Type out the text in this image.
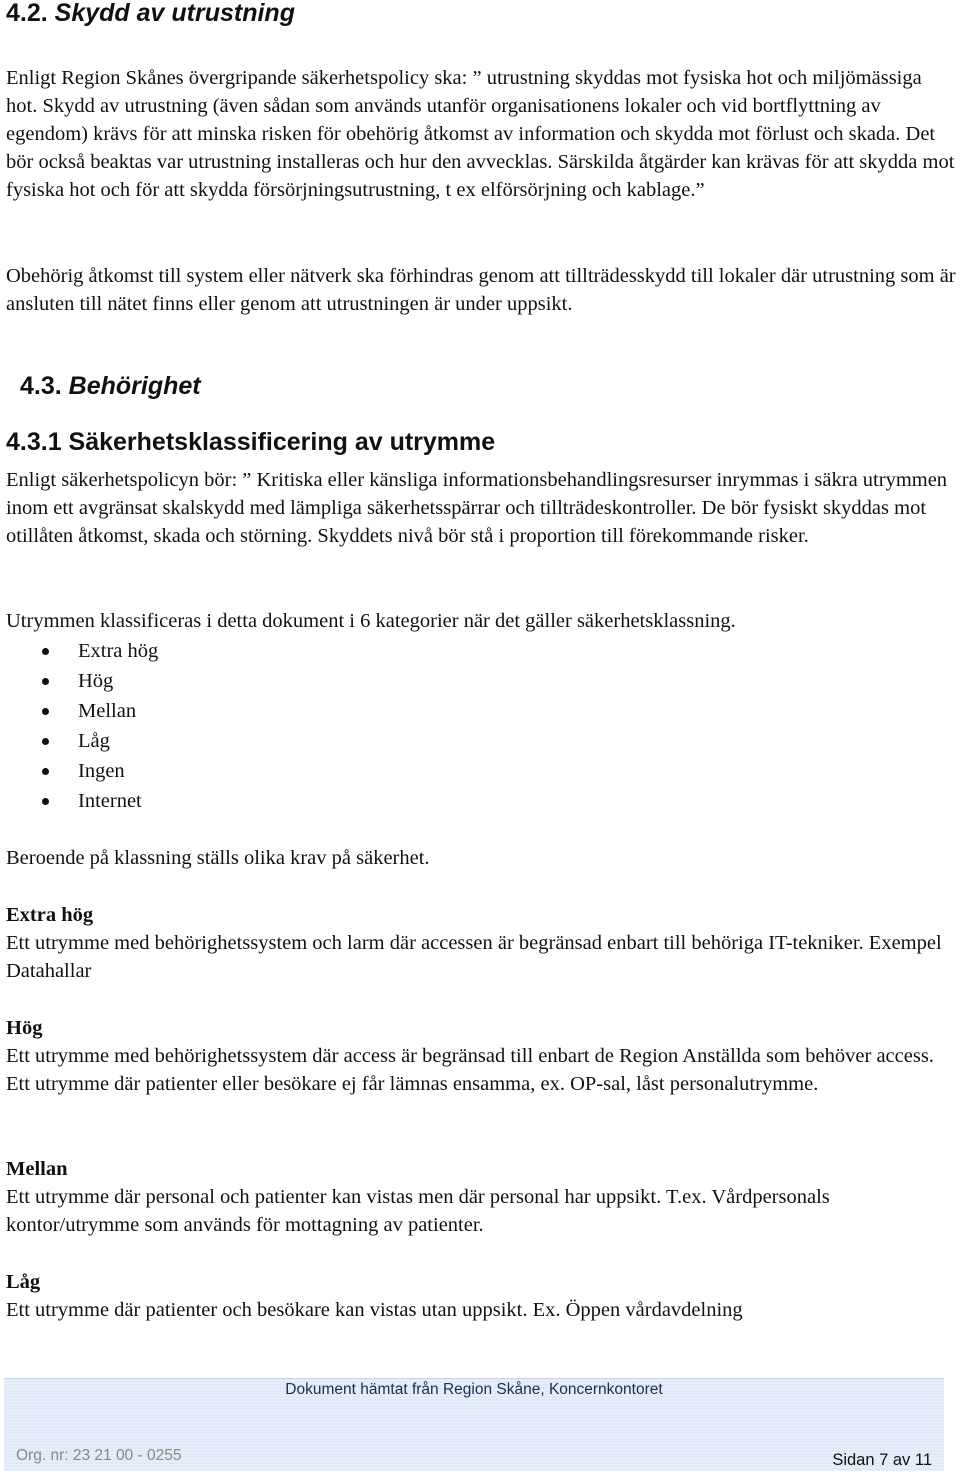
4.2. Skydd av utrustning

Enligt Region Skånes övergripande säkerhetspolicy ska: ” utrustning skyddas mot fysiska hot och miljömässiga hot. Skydd av utrustning (även sådan som används utanför organisationens lokaler och vid bortflyttning av egendom) krävs för att minska risken för obehörig åtkomst av information och skydda mot förlust och skada. Det bör också beaktas var utrustning installeras och hur den avvecklas. Särskilda åtgärder kan krävas för att skydda mot fysiska hot och för att skydda försörjningsutrustning, t ex elförsörjning och kablage.”

Obehörig åtkomst till system eller nätverk ska förhindras genom att tillträdesskydd till lokaler där utrustning som är ansluten till nätet finns eller genom att utrustningen är under uppsikt.

4.3. Behörighet
4.3.1 Säkerhetsklassificering av utrymme

Enligt säkerhetspolicyn bör: ” Kritiska eller känsliga informationsbehandlingsresurser inrymmas i säkra utrymmen inom ett avgränsat skalskydd med lämpliga säkerhetsspärrar och tillträdeskontroller. De bör fysiskt skyddas mot otillåten åtkomst, skada och störning. Skyddets nivå bör stå i proportion till förekommande risker.

Utrymmen klassificeras i detta dokument i 6 kategorier när det gäller säkerhetsklassning.

Extra hög
Hög
Mellan
Låg
Ingen
Internet

Beroende på klassning ställs olika krav på säkerhet.

Extra hög

Ett utrymme med behörighetssystem och larm där accessen är begränsad enbart till behöriga IT-tekniker. Exempel Datahallar

Hög

Ett utrymme med behörighetssystem där access är begränsad till enbart de Region Anställda som behöver access. Ett utrymme där patienter eller besökare ej får lämnas ensamma, ex. OP-sal, låst personalutrymme.

Mellan

Ett utrymme där personal och patienter kan vistas men där personal har uppsikt. T.ex. Vårdpersonals kontor/utrymme som används för mottagning av patienter.

Låg

Ett utrymme där patienter och besökare kan vistas utan uppsikt. Ex. Öppen vårdavdelning

Dokument hämtat från Region Skåne, Koncernkontoret
Org. nr: 23 21 00 - 0255	Sidan 7 av 11
